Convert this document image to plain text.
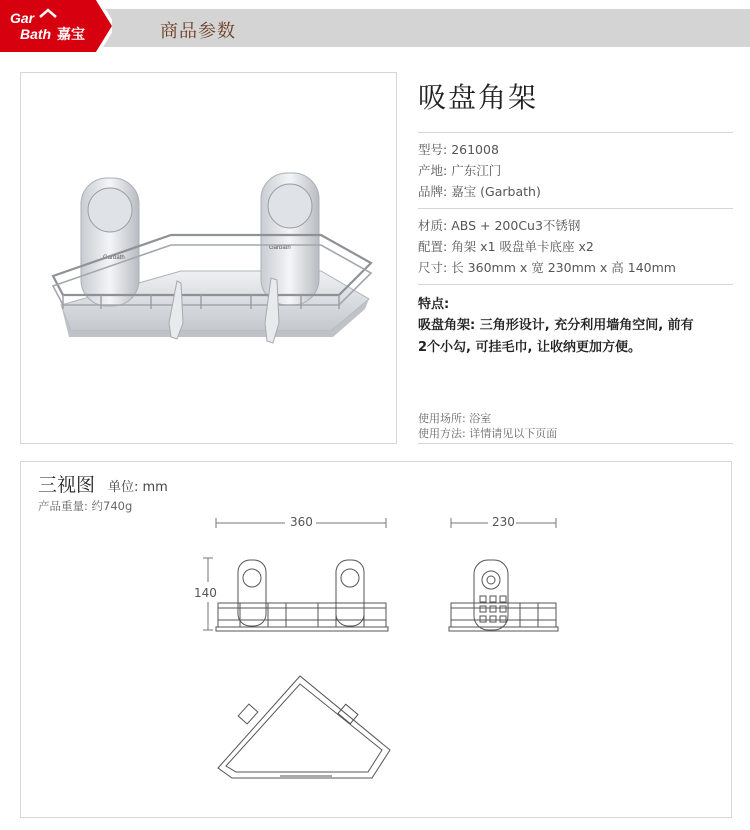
Gar
Bath 嘉宝	商品参数
Garbath
Garbath
吸盘角架
型号: 261008
产地: 广东江门
品牌: 嘉宝 (Garbath)
材质: ABS + 200Cu3不锈钢
配置: 角架 x1 吸盘单卡底座 x2
尺寸: 长 360mm x 宽 230mm x 高 140mm
特点:
吸盘角架: 三角形设计, 充分利用墙角空间, 前有
2个小勾, 可挂毛巾, 让收纳更加方便。
使用场所: 浴室
使用方法: 详情请见以下页面
三视图 单位: mm
产品重量: 约740g
360	230
140
